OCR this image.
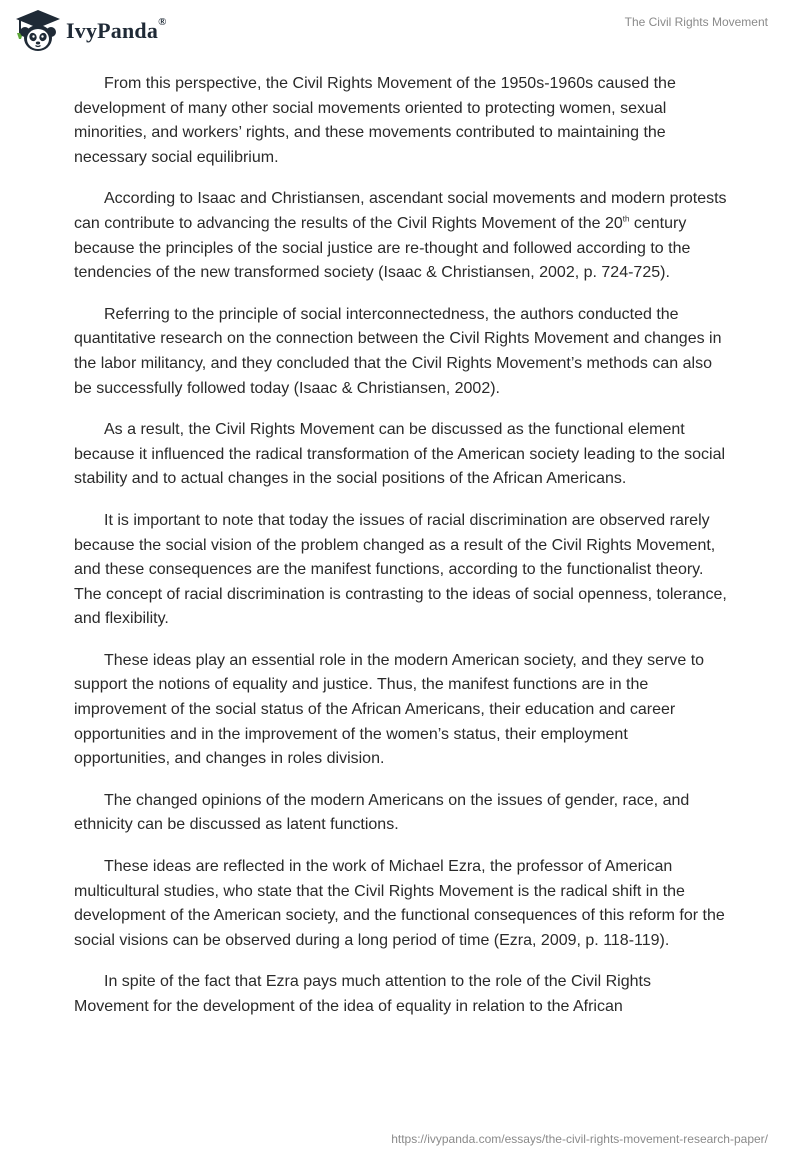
IvyPanda®	The Civil Rights Movement

From this perspective, the Civil Rights Movement of the 1950s-1960s caused the development of many other social movements oriented to protecting women, sexual minorities, and workers’ rights, and these movements contributed to maintaining the necessary social equilibrium.

According to Isaac and Christiansen, ascendant social movements and modern protests can contribute to advancing the results of the Civil Rights Movement of the 20th century because the principles of the social justice are re-thought and followed according to the tendencies of the new transformed society (Isaac & Christiansen, 2002, p. 724-725).

Referring to the principle of social interconnectedness, the authors conducted the quantitative research on the connection between the Civil Rights Movement and changes in the labor militancy, and they concluded that the Civil Rights Movement’s methods can also be successfully followed today (Isaac & Christiansen, 2002).

As a result, the Civil Rights Movement can be discussed as the functional element because it influenced the radical transformation of the American society leading to the social stability and to actual changes in the social positions of the African Americans.

It is important to note that today the issues of racial discrimination are observed rarely because the social vision of the problem changed as a result of the Civil Rights Movement, and these consequences are the manifest functions, according to the functionalist theory. The concept of racial discrimination is contrasting to the ideas of social openness, tolerance, and flexibility.

These ideas play an essential role in the modern American society, and they serve to support the notions of equality and justice. Thus, the manifest functions are in the improvement of the social status of the African Americans, their education and career opportunities and in the improvement of the women’s status, their employment opportunities, and changes in roles division.

The changed opinions of the modern Americans on the issues of gender, race, and ethnicity can be discussed as latent functions.

These ideas are reflected in the work of Michael Ezra, the professor of American multicultural studies, who state that the Civil Rights Movement is the radical shift in the development of the American society, and the functional consequences of this reform for the social visions can be observed during a long period of time (Ezra, 2009, p. 118-119).

In spite of the fact that Ezra pays much attention to the role of the Civil Rights Movement for the development of the idea of equality in relation to the African

https://ivypanda.com/essays/the-civil-rights-movement-research-paper/
